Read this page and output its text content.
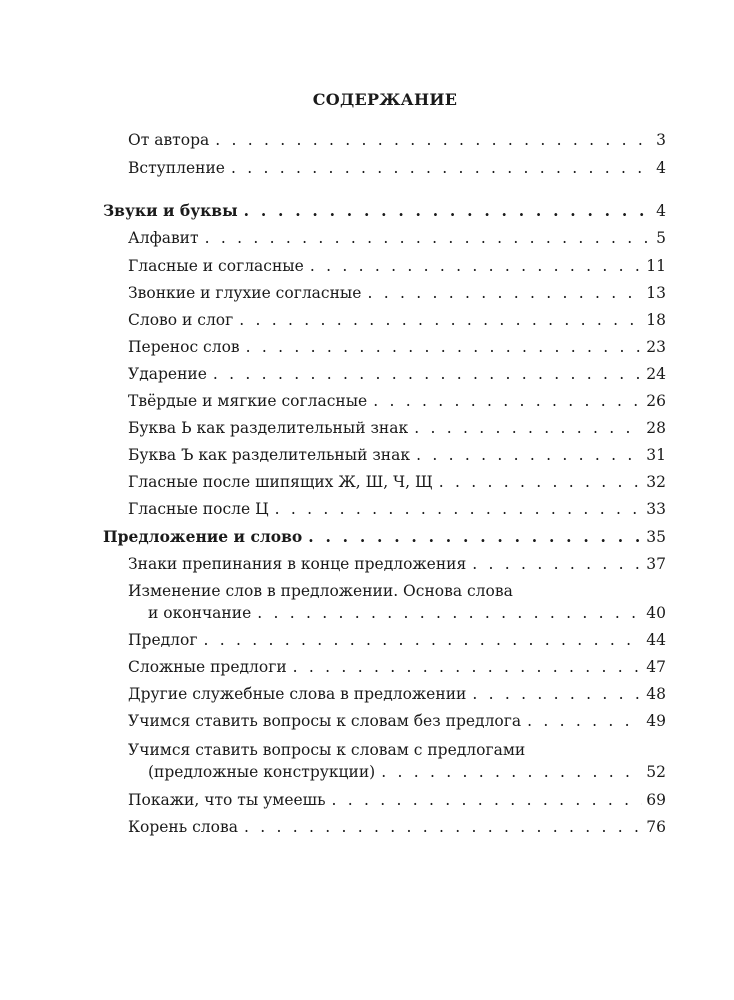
СОДЕРЖАНИЕ
От автора . . .	3
Вступление . . .	4
Звуки и буквы . . .	4
Алфавит . . .	5
Гласные и согласные . . .	11
Звонкие и глухие согласные . . .	13
Слово и слог . . .	18
Перенос слов . . .	23
Ударение . . .	24
Твёрдые и мягкие согласные . . .	26
Буква Ь как разделительный знак . . .	28
Буква Ъ как разделительный знак . . .	31
Гласные после шипящих Ж, Ш, Ч, Щ . . .	32
Гласные после Ц . . .	33
Предложение и слово . . .	35
Знаки препинания в конце предложения . . .	37
Изменение слов в предложении. Основа слова
и окончание . . .	40
Предлог . . .	44
Сложные предлоги . . .	47
Другие служебные слова в предложении . . .	48
Учимся ставить вопросы к словам без предлога . . .	49
Учимся ставить вопросы к словам с предлогами
(предложные конструкции) . . .	52
Покажи, что ты умеешь . . .	69
Корень слова . . .	76
